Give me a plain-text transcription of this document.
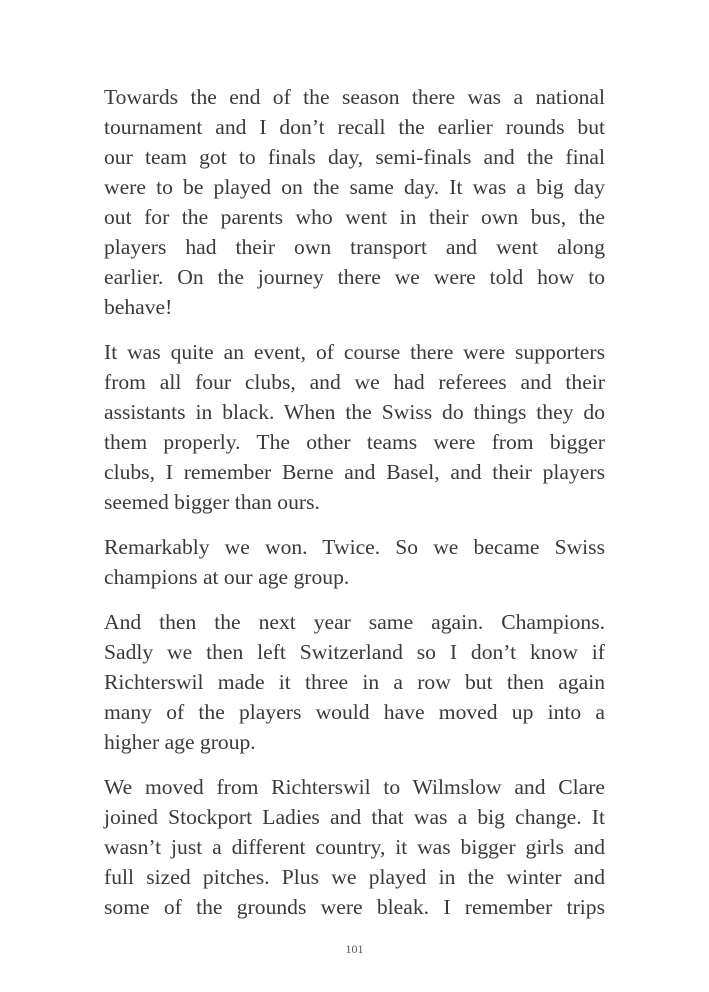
Towards the end of the season there was a national
tournament and I don’t recall the earlier rounds but
our team got to finals day, semi-finals and the final
were to be played on the same day. It was a big day
out for the parents who went in their own bus, the
players had their own transport and went along
earlier. On the journey there we were told how to
behave!
It was quite an event, of course there were supporters
from all four clubs, and we had referees and their
assistants in black. When the Swiss do things they do
them properly. The other teams were from bigger
clubs, I remember Berne and Basel, and their players
seemed bigger than ours.
Remarkably we won. Twice. So we became Swiss
champions at our age group.
And then the next year same again. Champions.
Sadly we then left Switzerland so I don’t know if
Richterswil made it three in a row but then again
many of the players would have moved up into a
higher age group.
We moved from Richterswil to Wilmslow and Clare
joined Stockport Ladies and that was a big change. It
wasn’t just a different country, it was bigger girls and
full sized pitches. Plus we played in the winter and
some of the grounds were bleak. I remember trips
101
